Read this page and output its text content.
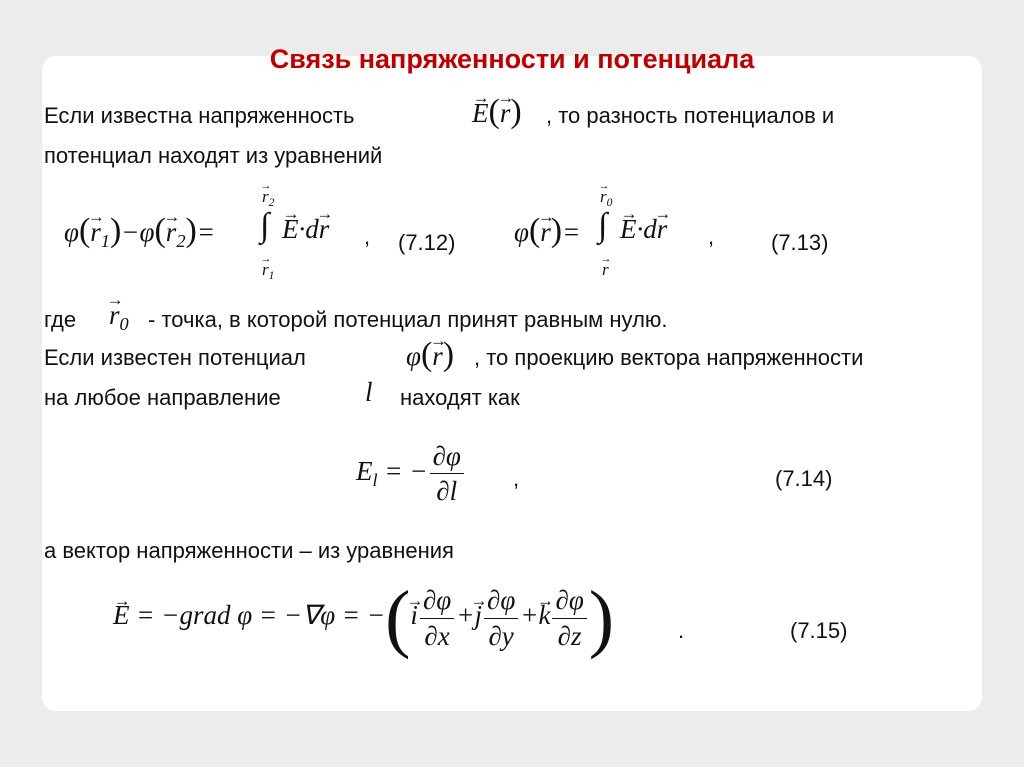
Связь напряженности и потенциала
Если известна напряженность	E →(r →) , то разность потенциалов и
потенциал находят из уравнений
$\varphi(r \to_1)-\varphi(r \to_2)=$ ∫
$r \to_2$
$r \to_1$
E →·dr → , (7.12) φ(r →)= ∫
$r \to_0$
r →
E →·dr → ,	(7.13)
где $r \to_0$ - точка, в которой потенциал принят равным нулю.
Если известен потенциал	φ(r →) , то проекцию вектора напряженности
на любое направление	l находят как
$E_l$ = − $\frac{\partial\varphi}{\partial l}$ ,	(7.14)
а вектор напряженности – из уравнения
E → = −grad $\varphi = -\nabla\varphi = -(i \to \frac{\partial\varphi}{\partial x} +j \to \frac{\partial\varphi}{\partial y} +k \to \frac{\partial\varphi}{\partial z}$ )	.	(7.15)
